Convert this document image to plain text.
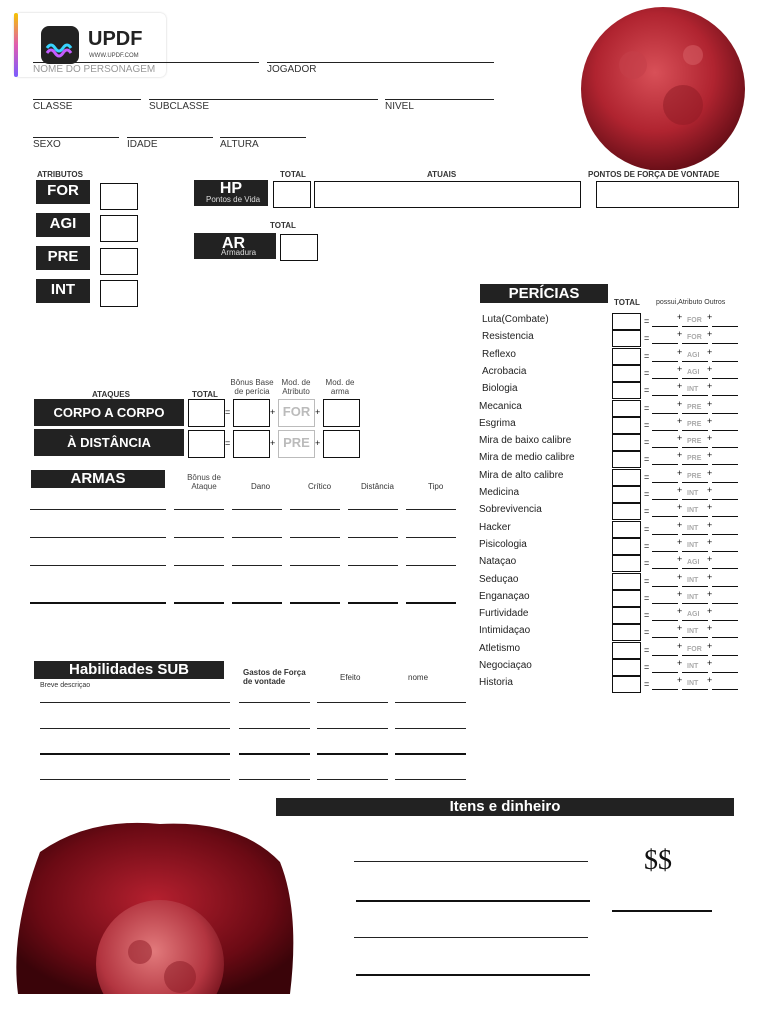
UPDF
WWW.UPDF.COM
NOME DO PERSONAGEM	JOGADOR
CLASSE	SUBCLASSE	NIVEL
SEXO	IDADE	ALTURA
ATRIBUTOS
FOR
AGI
PRE
INT
TOTAL	ATUAIS	PONTOS DE FORÇA DE VONTADE
HP
Pontos de Vida
TOTAL
AR
Armadura
ATAQUES	TOTAL
Bônus Base de perícia
Mod. de Atributo
Mod. de arma
CORPO A CORPO	=	+ FOR +
À DISTÂNCIA	=	+ PRE +
ARMAS	Bônus de Ataque	Dano	Crítico	Distância	Tipo
Habilidades SUB
Breve descriçao
Gastos de Força de vontade	Efeito	nome
PERÍCIAS
TOTAL possui,Atributo Outros
Luta(Combate)	=	+ FOR +
Resistencia	=	+ FOR +
Reflexo	=	+ AGI +
Acrobacia	=	+ AGI +
Biologia	=	+ INT +
Mecanica	=	+ PRE +
Esgrima	=	+ PRE +
Mira de baixo calibre	=	+ PRE +
Mira de medio calibre	=	+ PRE +
Mira de alto calibre	=	+ PRE +
Medicina	=	+ INT +
Sobrevivencia	=	+ INT +
Hacker	=	+ INT +
Pisicologia	=	+ INT +
Nataçao	=	+ AGI +
Seduçao	=	+ INT +
Enganaçao	=	+ INT +
Furtividade	=	+ AGI +
Intimidaçao	=	+ INT +
Atletismo	=	+ FOR +
Negociaçao	=	+ INT +
Historia	=	+ INT +
Itens e dinheiro
$$
